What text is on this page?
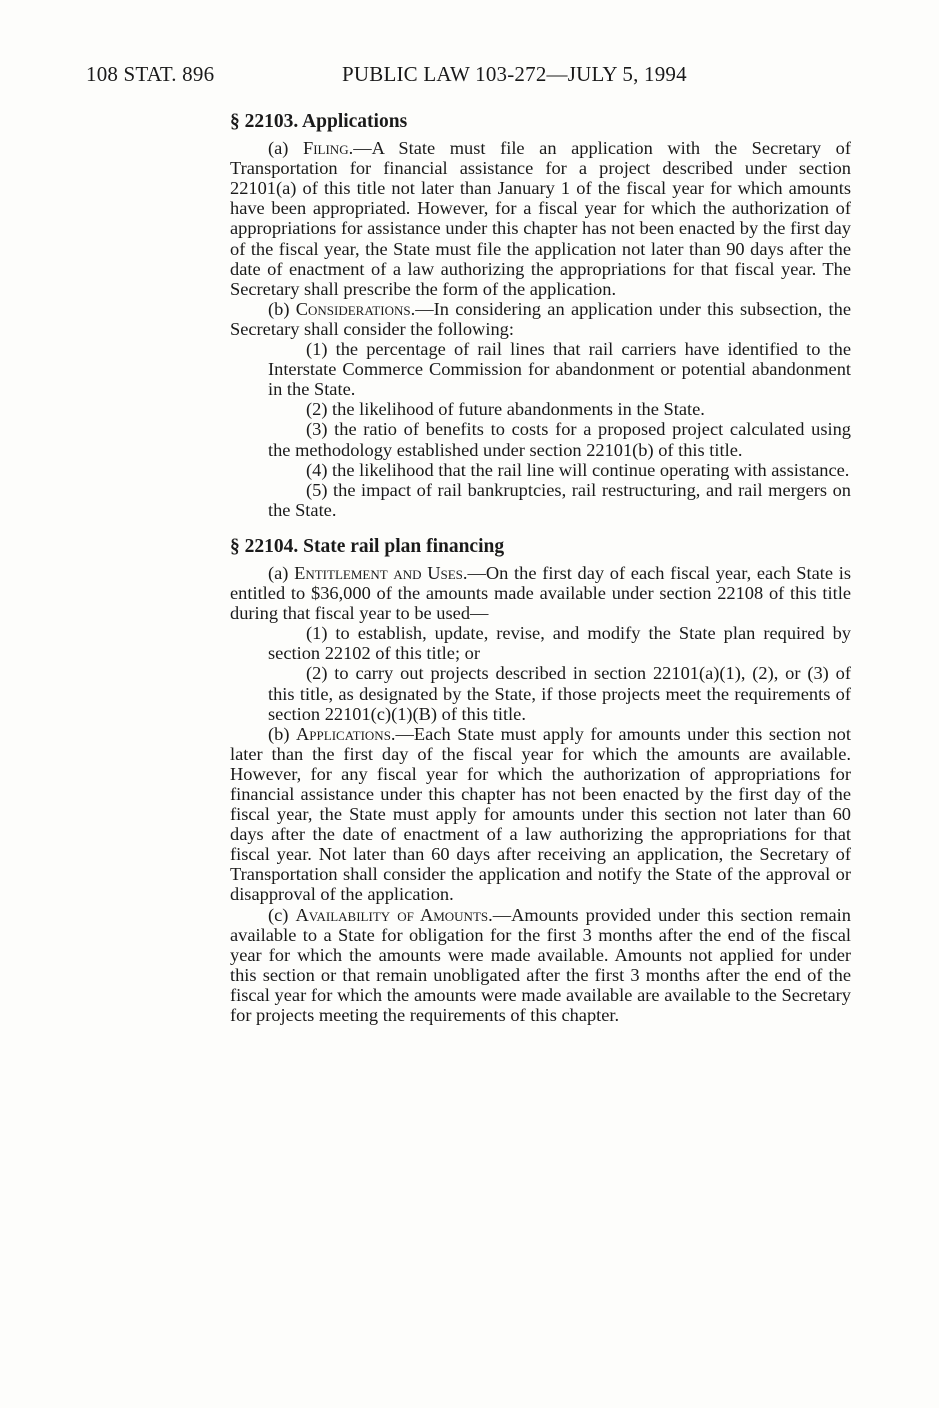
108 STAT. 896	PUBLIC LAW 103-272—JULY 5, 1994
§ 22103. Applications

(a) Filing.—A State must file an application with the Secretary of Transportation for financial assistance for a project described under section 22101(a) of this title not later than January 1 of the fiscal year for which amounts have been appropriated. However, for a fiscal year for which the authorization of appropriations for assistance under this chapter has not been enacted by the first day of the fiscal year, the State must file the application not later than 90 days after the date of enactment of a law authorizing the appropriations for that fiscal year. The Secretary shall prescribe the form of the application.

(b) Considerations.—In considering an application under this subsection, the Secretary shall consider the following:

(1) the percentage of rail lines that rail carriers have identified to the Interstate Commerce Commission for abandonment or potential abandonment in the State.

(2) the likelihood of future abandonments in the State.

(3) the ratio of benefits to costs for a proposed project calculated using the methodology established under section 22101(b) of this title.

(4) the likelihood that the rail line will continue operating with assistance.

(5) the impact of rail bankruptcies, rail restructuring, and rail mergers on the State.

§ 22104. State rail plan financing

(a) Entitlement and Uses.—On the first day of each fiscal year, each State is entitled to $36,000 of the amounts made available under section 22108 of this title during that fiscal year to be used—

(1) to establish, update, revise, and modify the State plan required by section 22102 of this title; or

(2) to carry out projects described in section 22101(a)(1), (2), or (3) of this title, as designated by the State, if those projects meet the requirements of section 22101(c)(1)(B) of this title.

(b) Applications.—Each State must apply for amounts under this section not later than the first day of the fiscal year for which the amounts are available. However, for any fiscal year for which the authorization of appropriations for financial assistance under this chapter has not been enacted by the first day of the fiscal year, the State must apply for amounts under this section not later than 60 days after the date of enactment of a law authorizing the appropriations for that fiscal year. Not later than 60 days after receiving an application, the Secretary of Transportation shall consider the application and notify the State of the approval or disapproval of the application.

(c) Availability of Amounts.—Amounts provided under this section remain available to a State for obligation for the first 3 months after the end of the fiscal year for which the amounts were made available. Amounts not applied for under this section or that remain unobligated after the first 3 months after the end of the fiscal year for which the amounts were made available are available to the Secretary for projects meeting the requirements of this chapter.
